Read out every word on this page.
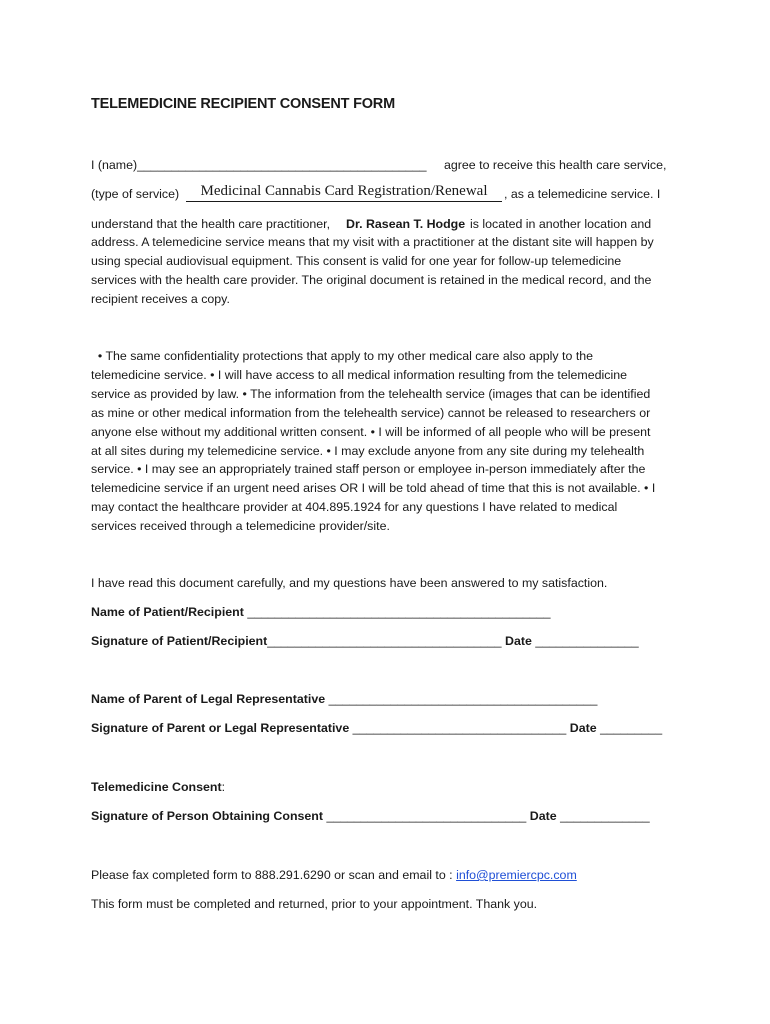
TELEMEDICINE RECIPIENT CONSENT FORM
I (name)__________________________________________ agree to receive this health care service,
(type of service)	Medicinal Cannabis Card Registration/Renewal	, as a telemedicine service. I
understand that the health care practitioner, Dr. Rasean T. Hodge is located in another location and
address. A telemedicine service means that my visit with a practitioner at the distant site will happen by
using special audiovisual equipment. This consent is valid for one year for follow-up telemedicine
services with the health care provider. The original document is retained in the medical record, and the
recipient receives a copy.
• The same confidentiality protections that apply to my other medical care also apply to the
telemedicine service. • I will have access to all medical information resulting from the telemedicine
service as provided by law. • The information from the telehealth service (images that can be identified
as mine or other medical information from the telehealth service) cannot be released to researchers or
anyone else without my additional written consent. • I will be informed of all people who will be present
at all sites during my telemedicine service. • I may exclude anyone from any site during my telehealth
service. • I may see an appropriately trained staff person or employee in-person immediately after the
telemedicine service if an urgent need arises OR I will be told ahead of time that this is not available. • I
may contact the healthcare provider at 404.895.1924 for any questions I have related to medical
services received through a telemedicine provider/site.
I have read this document carefully, and my questions have been answered to my satisfaction.
Name of Patient/Recipient ____________________________________________
Signature of Patient/Recipient__________________________________ Date _______________
Name of Parent of Legal Representative _______________________________________
Signature of Parent or Legal Representative _______________________________ Date _________
Telemedicine Consent:
Signature of Person Obtaining Consent _____________________________ Date _____________
Please fax completed form to 888.291.6290 or scan and email to : info@premiercpc.com
This form must be completed and returned, prior to your appointment. Thank you.
